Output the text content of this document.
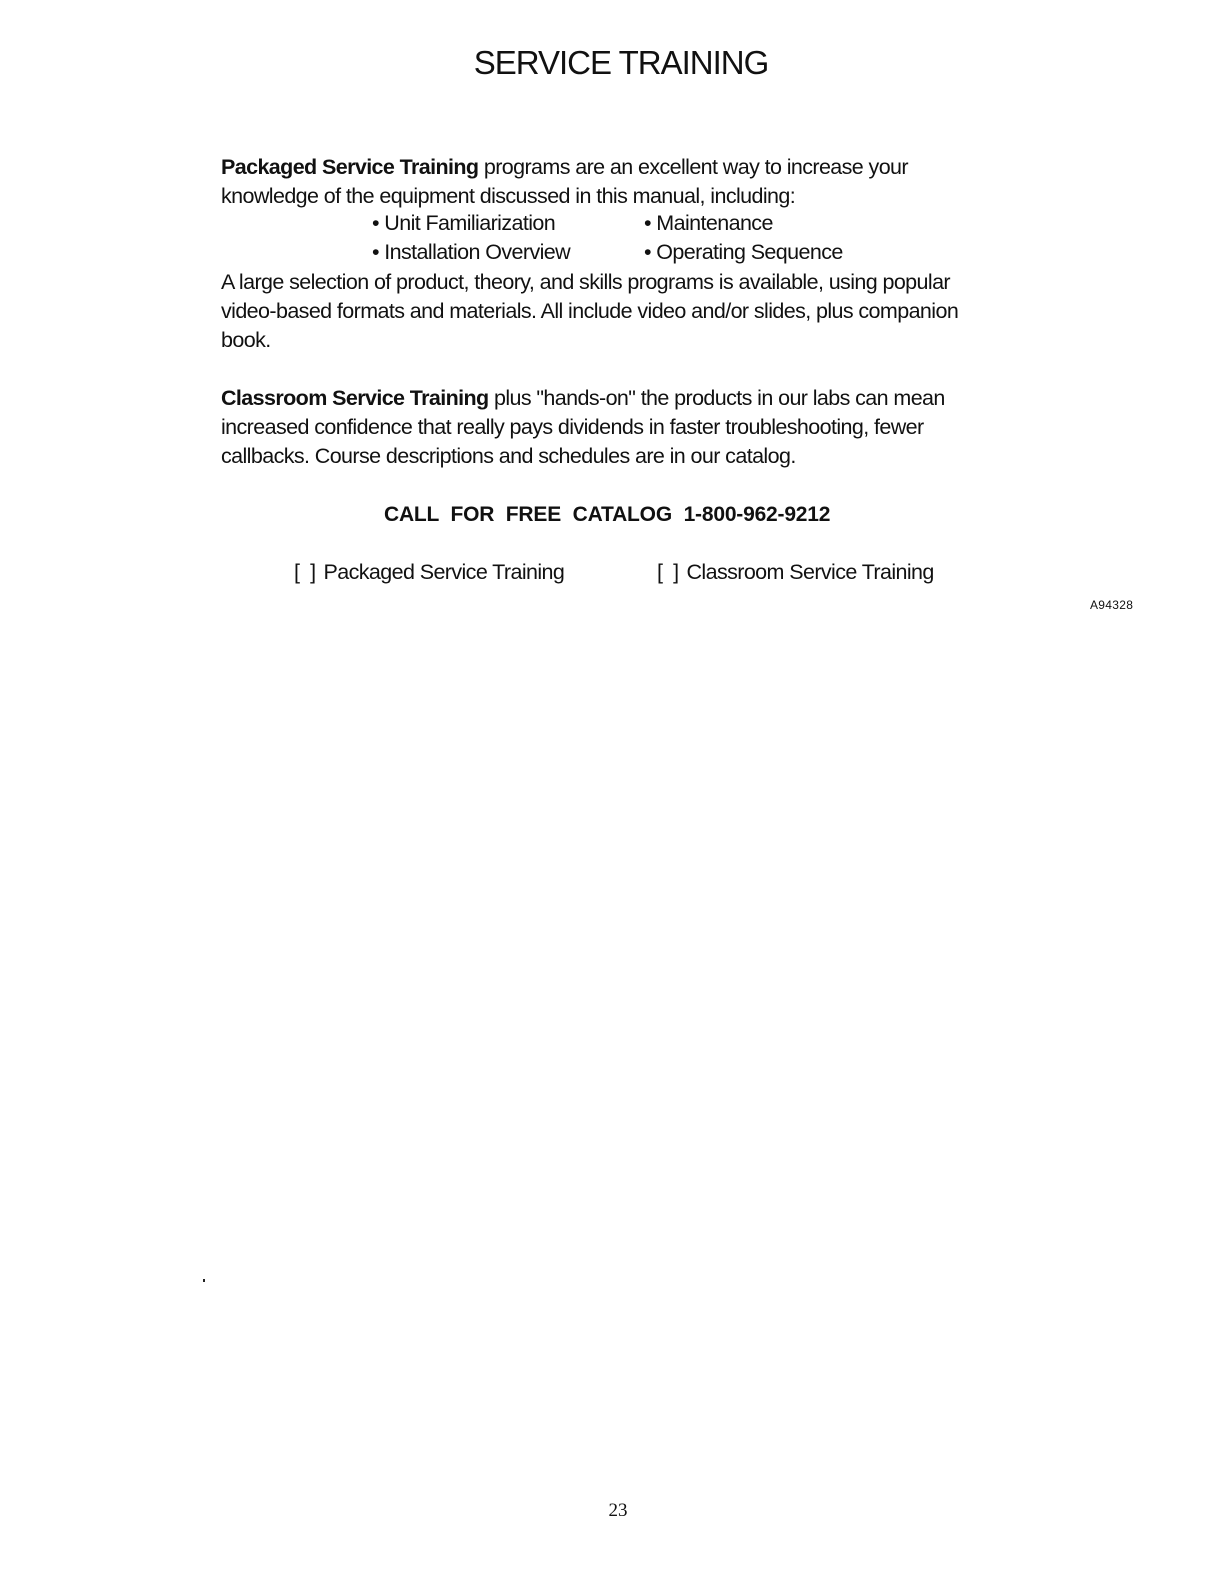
SERVICE TRAINING

Packaged Service Training programs are an excellent way to increase your
knowledge of the equipment discussed in this manual, including:

• Unit Familiarization	• Maintenance
• Installation Overview	• Operating Sequence

A large selection of product, theory, and skills programs is available, using popular
video-based formats and materials. All include video and/or slides, plus companion
book.

Classroom Service Training plus "hands-on" the products in our labs can mean
increased confidence that really pays dividends in faster troubleshooting, fewer
callbacks. Course descriptions and schedules are in our catalog.

CALL FOR FREE CATALOG 1-800-962-9212

[  ] Packaged Service Training	[  ] Classroom Service Training
A94328
23
